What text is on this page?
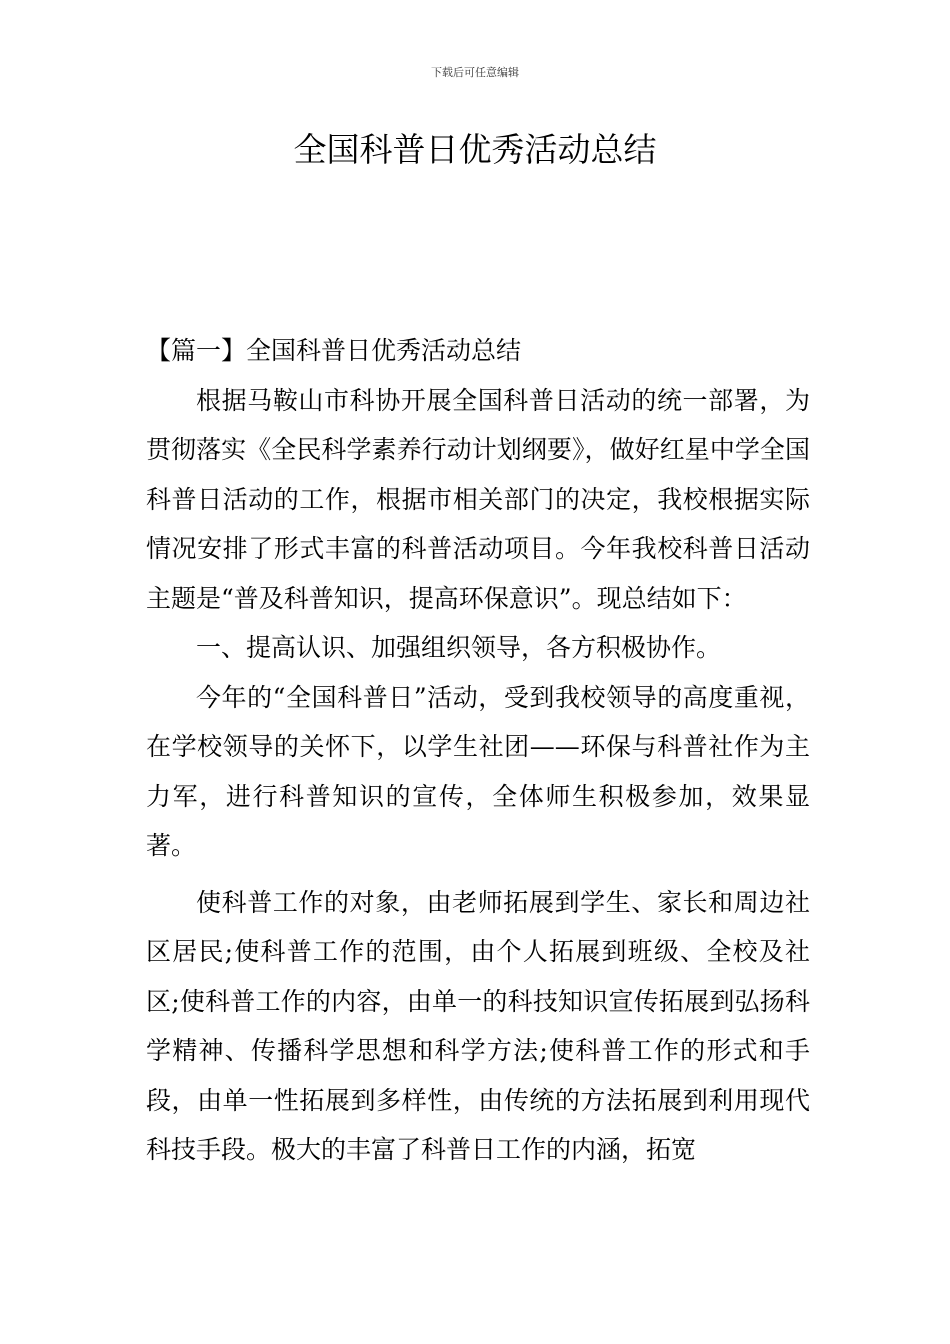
下载后可任意编辑
全国科普日优秀活动总结

【篇一】全国科普日优秀活动总结

根据马鞍山市科协开展全国科普日活动的统一部署，为贯彻落实《全民科学素养行动计划纲要》，做好红星中学全国科普日活动的工作，根据市相关部门的决定，我校根据实际情况安排了形式丰富的科普活动项目。今年我校科普日活动主题是“普及科普知识，提高环保意识”。现总结如下：

一、提高认识、加强组织领导，各方积极协作。

今年的“全国科普日”活动，受到我校领导的高度重视，在学校领导的关怀下，以学生社团——环保与科普社作为主力军，进行科普知识的宣传，全体师生积极参加，效果显著。

使科普工作的对象，由老师拓展到学生、家长和周边社区居民;使科普工作的范围，由个人拓展到班级、全校及社区;使科普工作的内容，由单一的科技知识宣传拓展到弘扬科学精神、传播科学思想和科学方法;使科普工作的形式和手段，由单一性拓展到多样性，由传统的方法拓展到利用现代科技手段。极大的丰富了科普日工作的内涵，拓宽
